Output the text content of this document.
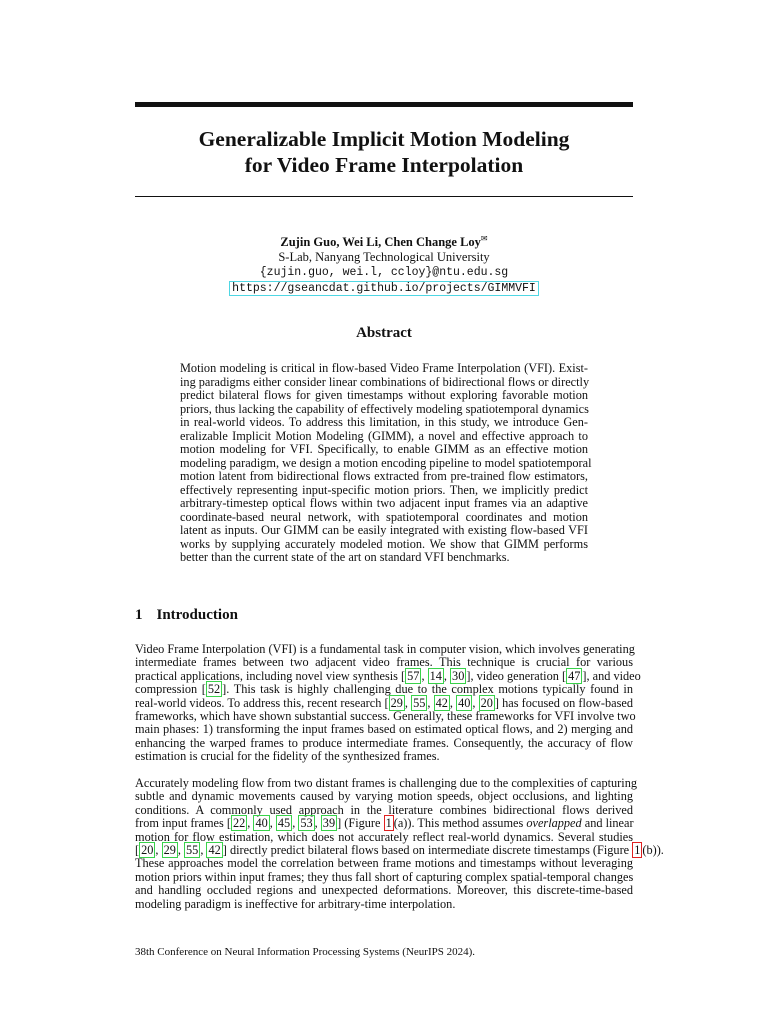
Generalizable Implicit Motion Modeling
for Video Frame Interpolation
Zujin Guo, Wei Li, Chen Change Loy✉
S-Lab, Nanyang Technological University
{zujin.guo, wei.l, ccloy}@ntu.edu.sg
https://gseancdat.github.io/projects/GIMMVFI
Abstract
Motion modeling is critical in flow-based Video Frame Interpolation (VFI). Exist-
ing paradigms either consider linear combinations of bidirectional flows or directly
predict bilateral flows for given timestamps without exploring favorable motion
priors, thus lacking the capability of effectively modeling spatiotemporal dynamics
in real-world videos. To address this limitation, in this study, we introduce Gen-
eralizable Implicit Motion Modeling (GIMM), a novel and effective approach to
motion modeling for VFI. Specifically, to enable GIMM as an effective motion
modeling paradigm, we design a motion encoding pipeline to model spatiotemporal
motion latent from bidirectional flows extracted from pre-trained flow estimators,
effectively representing input-specific motion priors. Then, we implicitly predict
arbitrary-timestep optical flows within two adjacent input frames via an adaptive
coordinate-based neural network, with spatiotemporal coordinates and motion
latent as inputs. Our GIMM can be easily integrated with existing flow-based VFI
works by supplying accurately modeled motion. We show that GIMM performs
better than the current state of the art on standard VFI benchmarks.
1 Introduction
Video Frame Interpolation (VFI) is a fundamental task in computer vision, which involves generating
intermediate frames between two adjacent video frames. This technique is crucial for various
practical applications, including novel view synthesis [ 57 , 14 , 30 ], video generation [ 47 ], and video
compression [ 52 ]. This task is highly challenging due to the complex motions typically found in
real-world videos. To address this, recent research [ 29 , 55 , 42 , 40 , 20 ] has focused on flow-based
frameworks, which have shown substantial success. Generally, these frameworks for VFI involve two
main phases: 1) transforming the input frames based on estimated optical flows, and 2) merging and
enhancing the warped frames to produce intermediate frames. Consequently, the accuracy of flow
estimation is crucial for the fidelity of the synthesized frames.
Accurately modeling flow from two distant frames is challenging due to the complexities of capturing
subtle and dynamic movements caused by varying motion speeds, object occlusions, and lighting
conditions. A commonly used approach in the literature combines bidirectional flows derived
from input frames [ 22 , 40 , 45 , 53 , 39 ] (Figure 1 (a)). This method assumes overlapped and linear
motion for flow estimation, which does not accurately reflect real-world dynamics. Several studies
[ 20 , 29 , 55 , 42 ] directly predict bilateral flows based on intermediate discrete timestamps (Figure 1 (b)).
These approaches model the correlation between frame motions and timestamps without leveraging
motion priors within input frames; they thus fall short of capturing complex spatial-temporal changes
and handling occluded regions and unexpected deformations. Moreover, this discrete-time-based
modeling paradigm is ineffective for arbitrary-time interpolation.
38th Conference on Neural Information Processing Systems (NeurIPS 2024).
